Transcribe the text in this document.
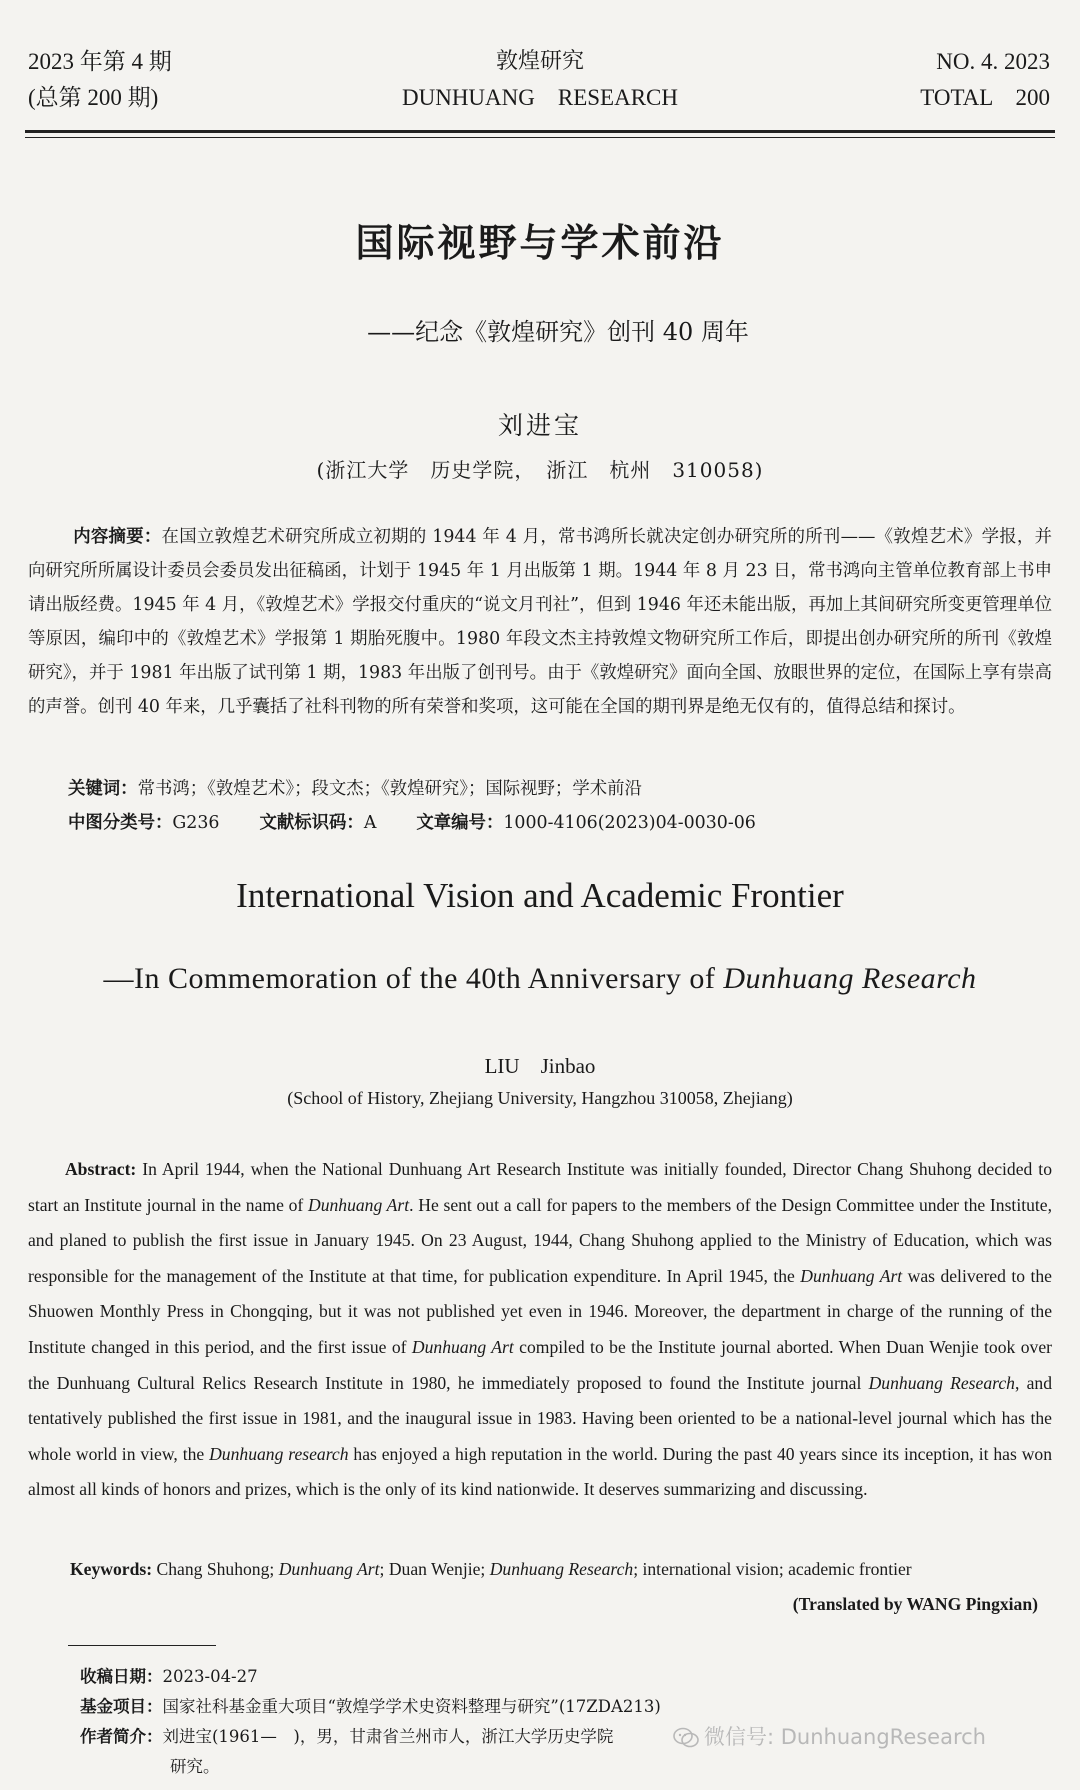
2023 年第 4 期
(总第 200 期)
敦煌研究
DUNHUANG　RESEARCH
NO. 4. 2023
TOTAL　200
国际视野与学术前沿
——纪念《敦煌研究》创刊 40 周年
刘进宝
(浙江大学　历史学院，　浙江　杭州　310058)
内容摘要：在国立敦煌艺术研究所成立初期的 1944 年 4 月，常书鸿所长就决定创办研究所的所刊——《敦煌艺术》学报，并向研究所所属设计委员会委员发出征稿函，计划于 1945 年 1 月出版第 1 期。1944 年 8 月 23 日，常书鸿向主管单位教育部上书申请出版经费。1945 年 4 月，《敦煌艺术》学报交付重庆的“说文月刊社”，但到 1946 年还未能出版，再加上其间研究所变更管理单位等原因，编印中的《敦煌艺术》学报第 1 期胎死腹中。1980 年段文杰主持敦煌文物研究所工作后，即提出创办研究所的所刊《敦煌研究》，并于 1981 年出版了试刊第 1 期，1983 年出版了创刊号。由于《敦煌研究》面向全国、放眼世界的定位，在国际上享有崇高的声誉。创刊 40 年来，几乎囊括了社科刊物的所有荣誉和奖项，这可能在全国的期刊界是绝无仅有的，值得总结和探讨。
关键词：常书鸿；《敦煌艺术》；段文杰；《敦煌研究》；国际视野；学术前沿
中图分类号：G236 文献标识码：A 文章编号：1000-4106(2023)04-0030-06
International Vision and Academic Frontier
—In Commemoration of the 40th Anniversary of Dunhuang Research
LIU　Jinbao
(School of History, Zhejiang University, Hangzhou 310058, Zhejiang)
Abstract: In April 1944, when the National Dunhuang Art Research Institute was initially founded, Director Chang Shuhong decided to start an Institute journal in the name of Dunhuang Art. He sent out a call for papers to the members of the Design Committee under the Institute, and planed to publish the first issue in January 1945. On 23 August, 1944, Chang Shuhong applied to the Ministry of Education, which was responsible for the management of the Institute at that time, for publication expenditure. In April 1945, the Dunhuang Art was delivered to the Shuowen Monthly Press in Chongqing, but it was not published yet even in 1946. Moreover, the department in charge of the running of the Institute changed in this period, and the first issue of Dunhuang Art compiled to be the Institute journal aborted. When Duan Wenjie took over the Dunhuang Cultural Relics Research Institute in 1980, he immediately proposed to found the Institute journal Dunhuang Research, and tentatively published the first issue in 1981, and the inaugural issue in 1983. Having been oriented to be a national-level journal which has the whole world in view, the Dunhuang research has enjoyed a high reputation in the world. During the past 40 years since its inception, it has won almost all kinds of honors and prizes, which is the only of its kind nationwide. It deserves summarizing and discussing.
Keywords: Chang Shuhong; Dunhuang Art; Duan Wenjie; Dunhuang Research; international vision; academic frontier
(Translated by WANG Pingxian)
收稿日期：2023-04-27
基金项目：国家社科基金重大项目“敦煌学学术史资料整理与研究”(17ZDA213)
作者简介：刘进宝(1961—　)，男，甘肃省兰州市人，浙江大学历史学院
研究。
微信号: DunhuangResearch
